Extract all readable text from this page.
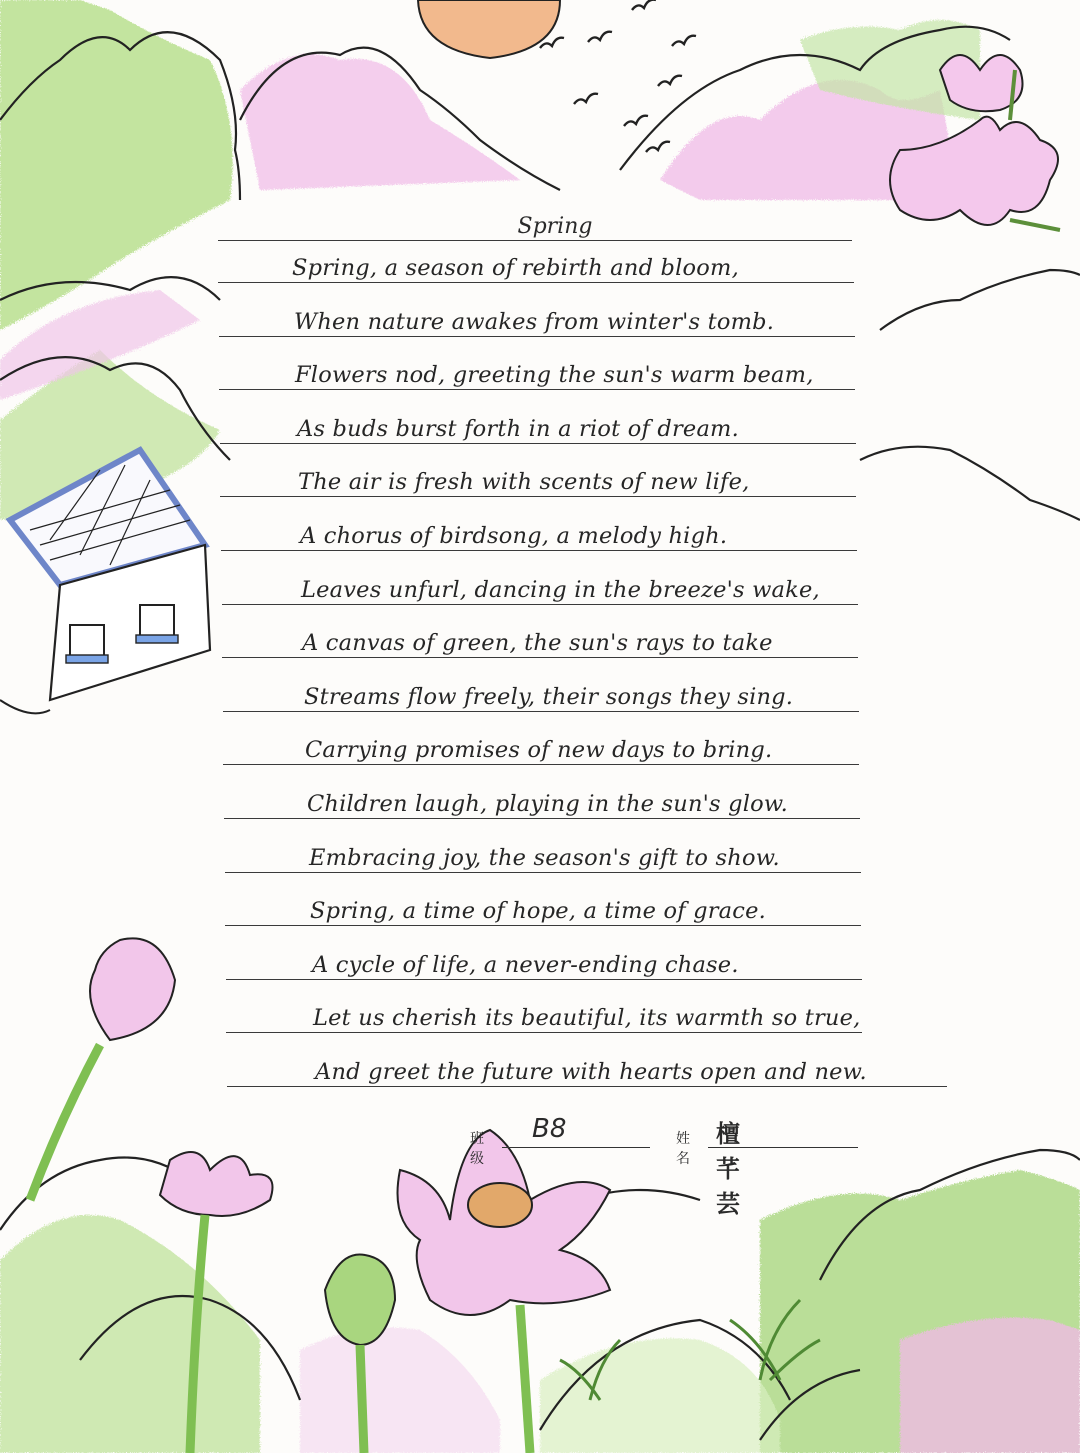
Spring
Spring, a season of rebirth and bloom,
When nature awakes from winter's tomb.
Flowers nod, greeting the sun's warm beam,
As buds burst forth in a riot of dream.
The air is fresh with scents of new life,
A chorus of birdsong, a melody high.
Leaves unfurl, dancing in the breeze's wake,
A canvas of green, the sun's rays to take
Streams flow freely, their songs they sing.
Carrying promises of new days to bring.
Children laugh, playing in the sun's glow.
Embracing joy, the season's gift to show.
Spring, a time of hope, a time of grace.
A cycle of life, a never-ending chase.
Let us cherish its beautiful, its warmth so true,
And greet the future with hearts open and new.
班级
B8	姓名
檀芊芸
